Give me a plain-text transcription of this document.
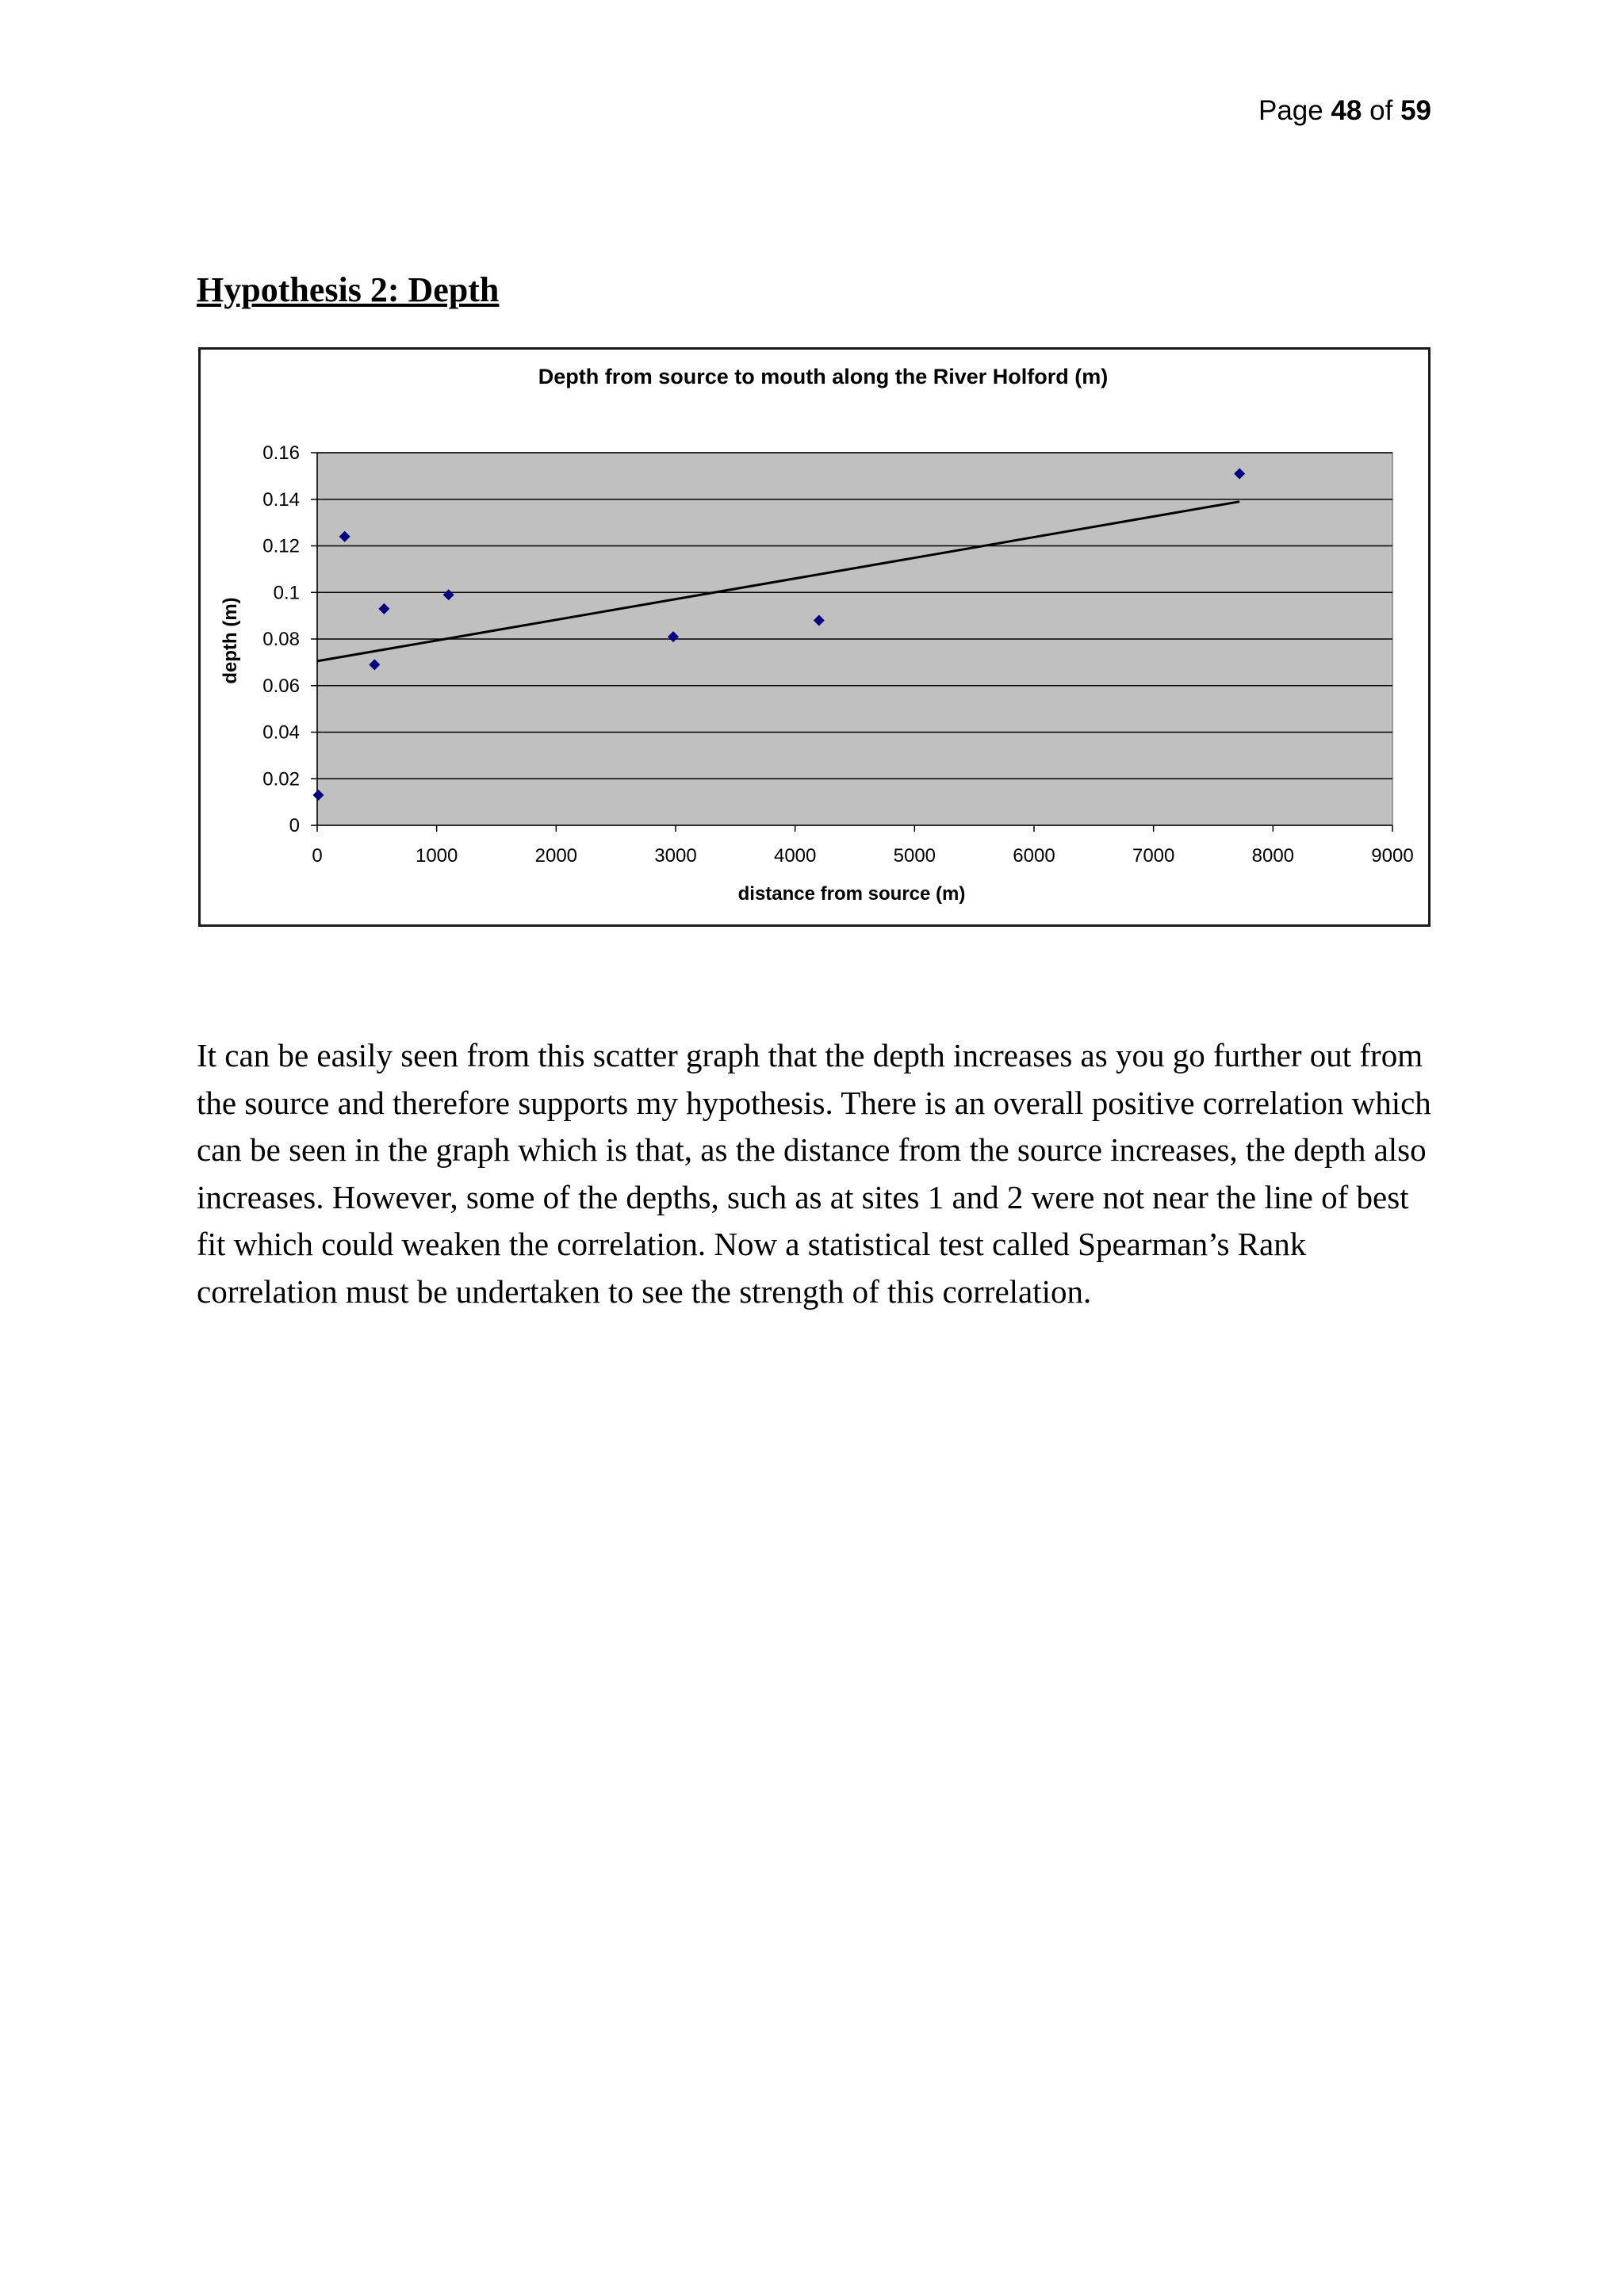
Page 48 of 59
Hypothesis 2: Depth
Depth from source to mouth along the River Holford (m)
0
0.02
0.04
0.06
0.08
0.1
0.12
0.14
0.16
0	1000	2000	3000	4000	5000	6000	7000	8000	9000
distance from source (m)
depth (m)

It can be easily seen from this scatter graph that the depth increases as you go further out from the source and therefore supports my hypothesis. There is an overall positive correlation which can be seen in the graph which is that, as the distance from the source increases, the depth also increases. However, some of the depths, such as at sites 1 and 2 were not near the line of best fit which could weaken the correlation. Now a statistical test called Spearman’s Rank correlation must be undertaken to see the strength of this correlation.
